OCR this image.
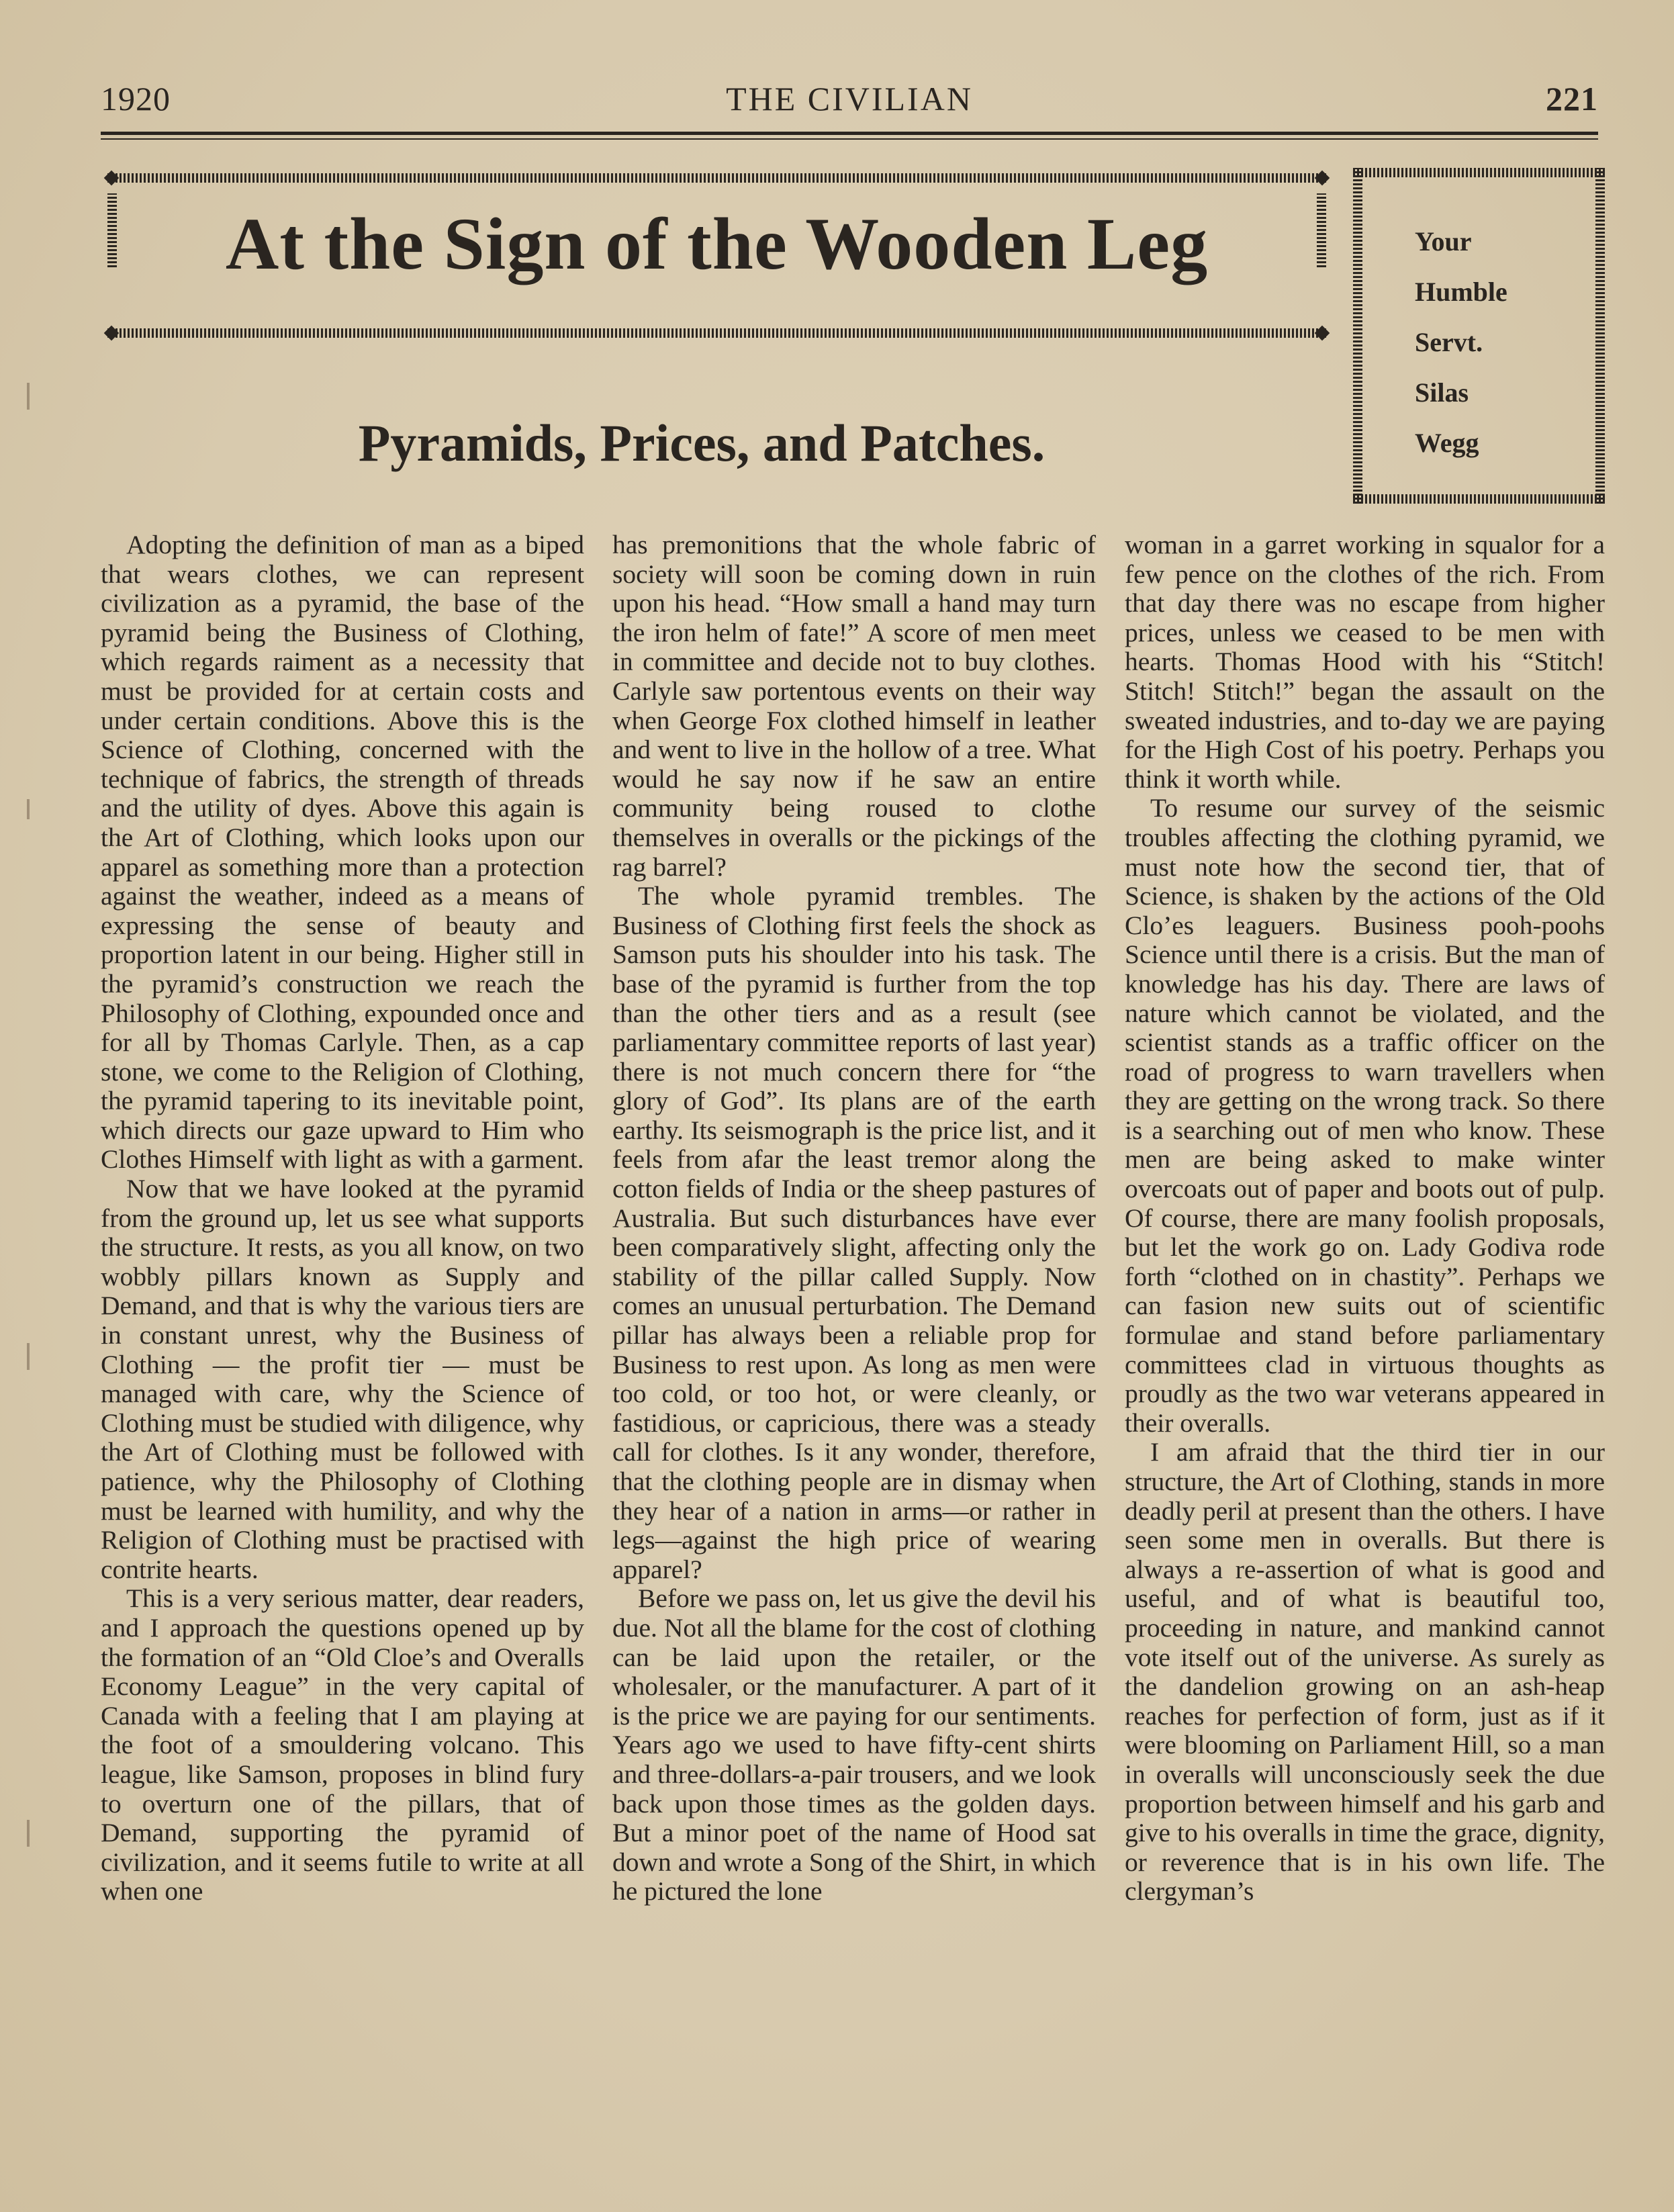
1920	THE CIVILIAN	221
At the Sign of the Wooden Leg	Your
Humble
Servt.
Silas
Wegg
Pyramids, Prices, and Patches.

Adopting the definition of man as a biped that wears clothes, we can represent civilization as a pyramid, the base of the pyramid being the Business of Clothing, which regards raiment as a necessity that must be provided for at certain costs and under certain conditions. Above this is the Science of Clothing, concerned with the technique of fabrics, the strength of threads and the utility of dyes. Above this again is the Art of Clothing, which looks upon our apparel as something more than a protection against the weather, indeed as a means of expressing the sense of beauty and proportion latent in our being. Higher still in the pyramid’s construction we reach the Philosophy of Clothing, expounded once and for all by Thomas Carlyle. Then, as a cap stone, we come to the Religion of Clothing, the pyramid tapering to its inevitable point, which directs our gaze upward to Him who Clothes Himself with light as with a garment.

Now that we have looked at the pyramid from the ground up, let us see what supports the structure. It rests, as you all know, on two wobbly pillars known as Supply and Demand, and that is why the various tiers are in constant unrest, why the Business of Clothing — the profit tier — must be managed with care, why the Science of Clothing must be studied with diligence, why the Art of Clothing must be followed with patience, why the Philosophy of Clothing must be learned with humility, and why the Religion of Clothing must be practised with contrite hearts.

This is a very serious matter, dear readers, and I approach the questions opened up by the formation of an “Old Cloe’s and Overalls Economy League” in the very capital of Canada with a feeling that I am playing at the foot of a smouldering volcano. This league, like Samson, proposes in blind fury to overturn one of the pillars, that of Demand, supporting the pyramid of civilization, and it seems futile to write at all when one

has premonitions that the whole fabric of society will soon be coming down in ruin upon his head. “How small a hand may turn the iron helm of fate!” A score of men meet in committee and decide not to buy clothes. Carlyle saw portentous events on their way when George Fox clothed himself in leather and went to live in the hollow of a tree. What would he say now if he saw an entire community being roused to clothe themselves in overalls or the pickings of the rag barrel?

The whole pyramid trembles. The Business of Clothing first feels the shock as Samson puts his shoulder into his task. The base of the pyramid is further from the top than the other tiers and as a result (see parliamentary committee reports of last year) there is not much concern there for “the glory of God”. Its plans are of the earth earthy. Its seismograph is the price list, and it feels from afar the least tremor along the cotton fields of India or the sheep pastures of Australia. But such disturbances have ever been comparatively slight, affecting only the stability of the pillar called Supply. Now comes an unusual perturbation. The Demand pillar has always been a reliable prop for Business to rest upon. As long as men were too cold, or too hot, or were cleanly, or fastidious, or capricious, there was a steady call for clothes. Is it any wonder, therefore, that the clothing people are in dismay when they hear of a nation in arms—or rather in legs—against the high price of wearing apparel?

Before we pass on, let us give the devil his due. Not all the blame for the cost of clothing can be laid upon the retailer, or the wholesaler, or the manufacturer. A part of it is the price we are paying for our sentiments. Years ago we used to have fifty-cent shirts and three-dollars-a-pair trousers, and we look back upon those times as the golden days. But a minor poet of the name of Hood sat down and wrote a Song of the Shirt, in which he pictured the lone

woman in a garret working in squalor for a few pence on the clothes of the rich. From that day there was no escape from higher prices, unless we ceased to be men with hearts. Thomas Hood with his “Stitch! Stitch! Stitch!” began the assault on the sweated industries, and to-day we are paying for the High Cost of his poetry. Perhaps you think it worth while.

To resume our survey of the seismic troubles affecting the clothing pyramid, we must note how the second tier, that of Science, is shaken by the actions of the Old Clo’es leaguers. Business pooh-poohs Science until there is a crisis. But the man of knowledge has his day. There are laws of nature which cannot be violated, and the scientist stands as a traffic officer on the road of progress to warn travellers when they are getting on the wrong track. So there is a searching out of men who know. These men are being asked to make winter overcoats out of paper and boots out of pulp. Of course, there are many foolish proposals, but let the work go on. Lady Godiva rode forth “clothed on in chastity”. Perhaps we can fasion new suits out of scientific formulae and stand before parliamentary committees clad in virtuous thoughts as proudly as the two war veterans appeared in their overalls.

I am afraid that the third tier in our structure, the Art of Clothing, stands in more deadly peril at present than the others. I have seen some men in overalls. But there is always a re-assertion of what is good and useful, and of what is beautiful too, proceeding in nature, and mankind cannot vote itself out of the universe. As surely as the dandelion growing on an ash-heap reaches for perfection of form, just as if it were blooming on Parliament Hill, so a man in overalls will unconsciously seek the due proportion between himself and his garb and give to his overalls in time the grace, dignity, or reverence that is in his own life. The clergyman’s
